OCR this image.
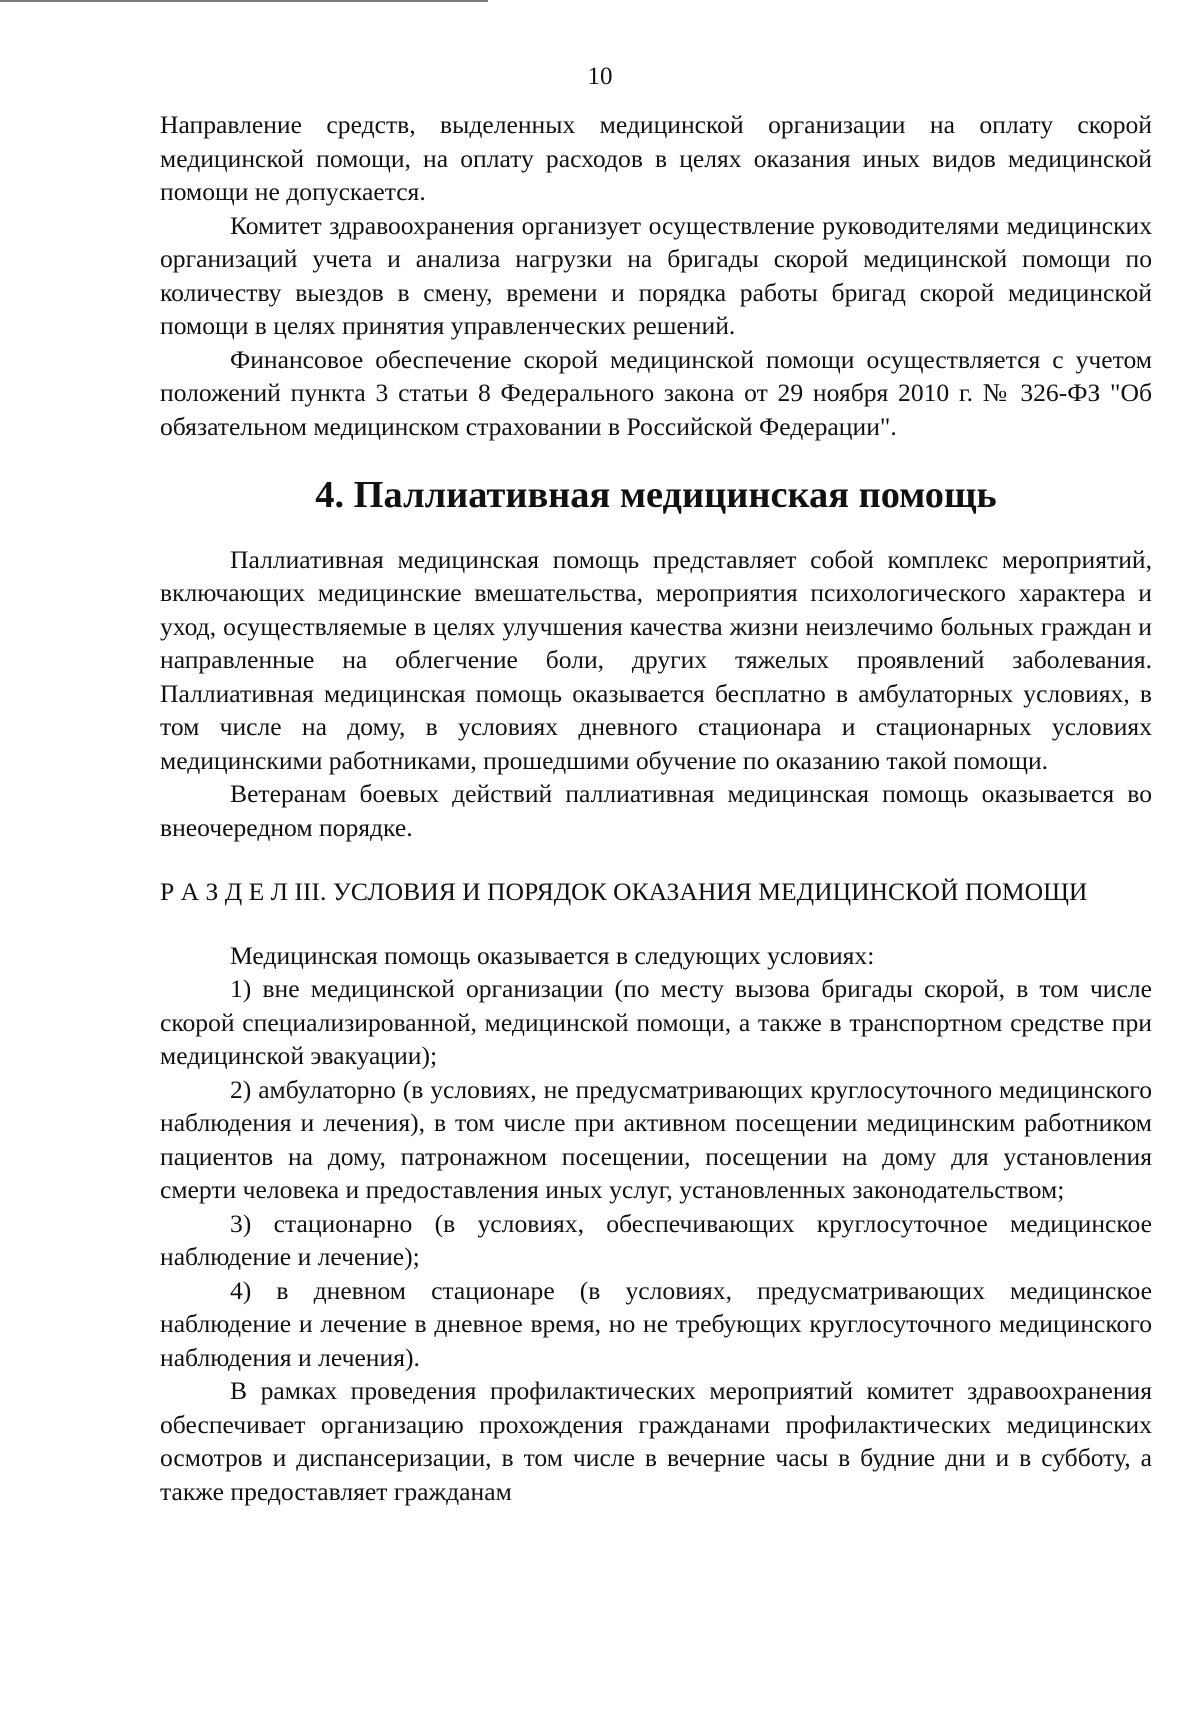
10

Направление средств, выделенных медицинской организации на оплату скорой медицинской помощи, на оплату расходов в целях оказания иных видов медицинской помощи не допускается.

Комитет здравоохранения организует осуществление руководителями медицинских организаций учета и анализа нагрузки на бригады скорой медицинской помощи по количеству выездов в смену, времени и порядка работы бригад скорой медицинской помощи в целях принятия управленческих решений.

Финансовое обеспечение скорой медицинской помощи осуществляется с учетом положений пункта 3 статьи 8 Федерального закона от 29 ноября 2010 г. № 326-ФЗ "Об обязательном медицинском страховании в Российской Федерации".

4. Паллиативная медицинская помощь

Паллиативная медицинская помощь представляет собой комплекс мероприятий, включающих медицинские вмешательства, мероприятия психологического характера и уход, осуществляемые в целях улучшения качества жизни неизлечимо больных граждан и направленные на облегчение боли, других тяжелых проявлений заболевания. Паллиативная медицинская помощь оказывается бесплатно в амбулаторных условиях, в том числе на дому, в условиях дневного стационара и стационарных условиях медицинскими работниками, прошедшими обучение по оказанию такой помощи.

Ветеранам боевых действий паллиативная медицинская помощь оказывается во внеочередном порядке.

Р А З Д Е Л III. УСЛОВИЯ И ПОРЯДОК ОКАЗАНИЯ МЕДИЦИНСКОЙ ПОМОЩИ

Медицинская помощь оказывается в следующих условиях:

1) вне медицинской организации (по месту вызова бригады скорой, в том числе скорой специализированной, медицинской помощи, а также в транспортном средстве при медицинской эвакуации);

2) амбулаторно (в условиях, не предусматривающих круглосуточного медицинского наблюдения и лечения), в том числе при активном посещении медицинским работником пациентов на дому, патронажном посещении, посещении на дому для установления смерти человека и предоставления иных услуг, установленных законодательством;

3) стационарно (в условиях, обеспечивающих круглосуточное медицинское наблюдение и лечение);

4) в дневном стационаре (в условиях, предусматривающих медицинское наблюдение и лечение в дневное время, но не требующих круглосуточного медицинского наблюдения и лечения).

В рамках проведения профилактических мероприятий комитет здравоохранения обеспечивает организацию прохождения гражданами профилактических медицинских осмотров и диспансеризации, в том числе в вечерние часы в будние дни и в субботу, а также предоставляет гражданам
